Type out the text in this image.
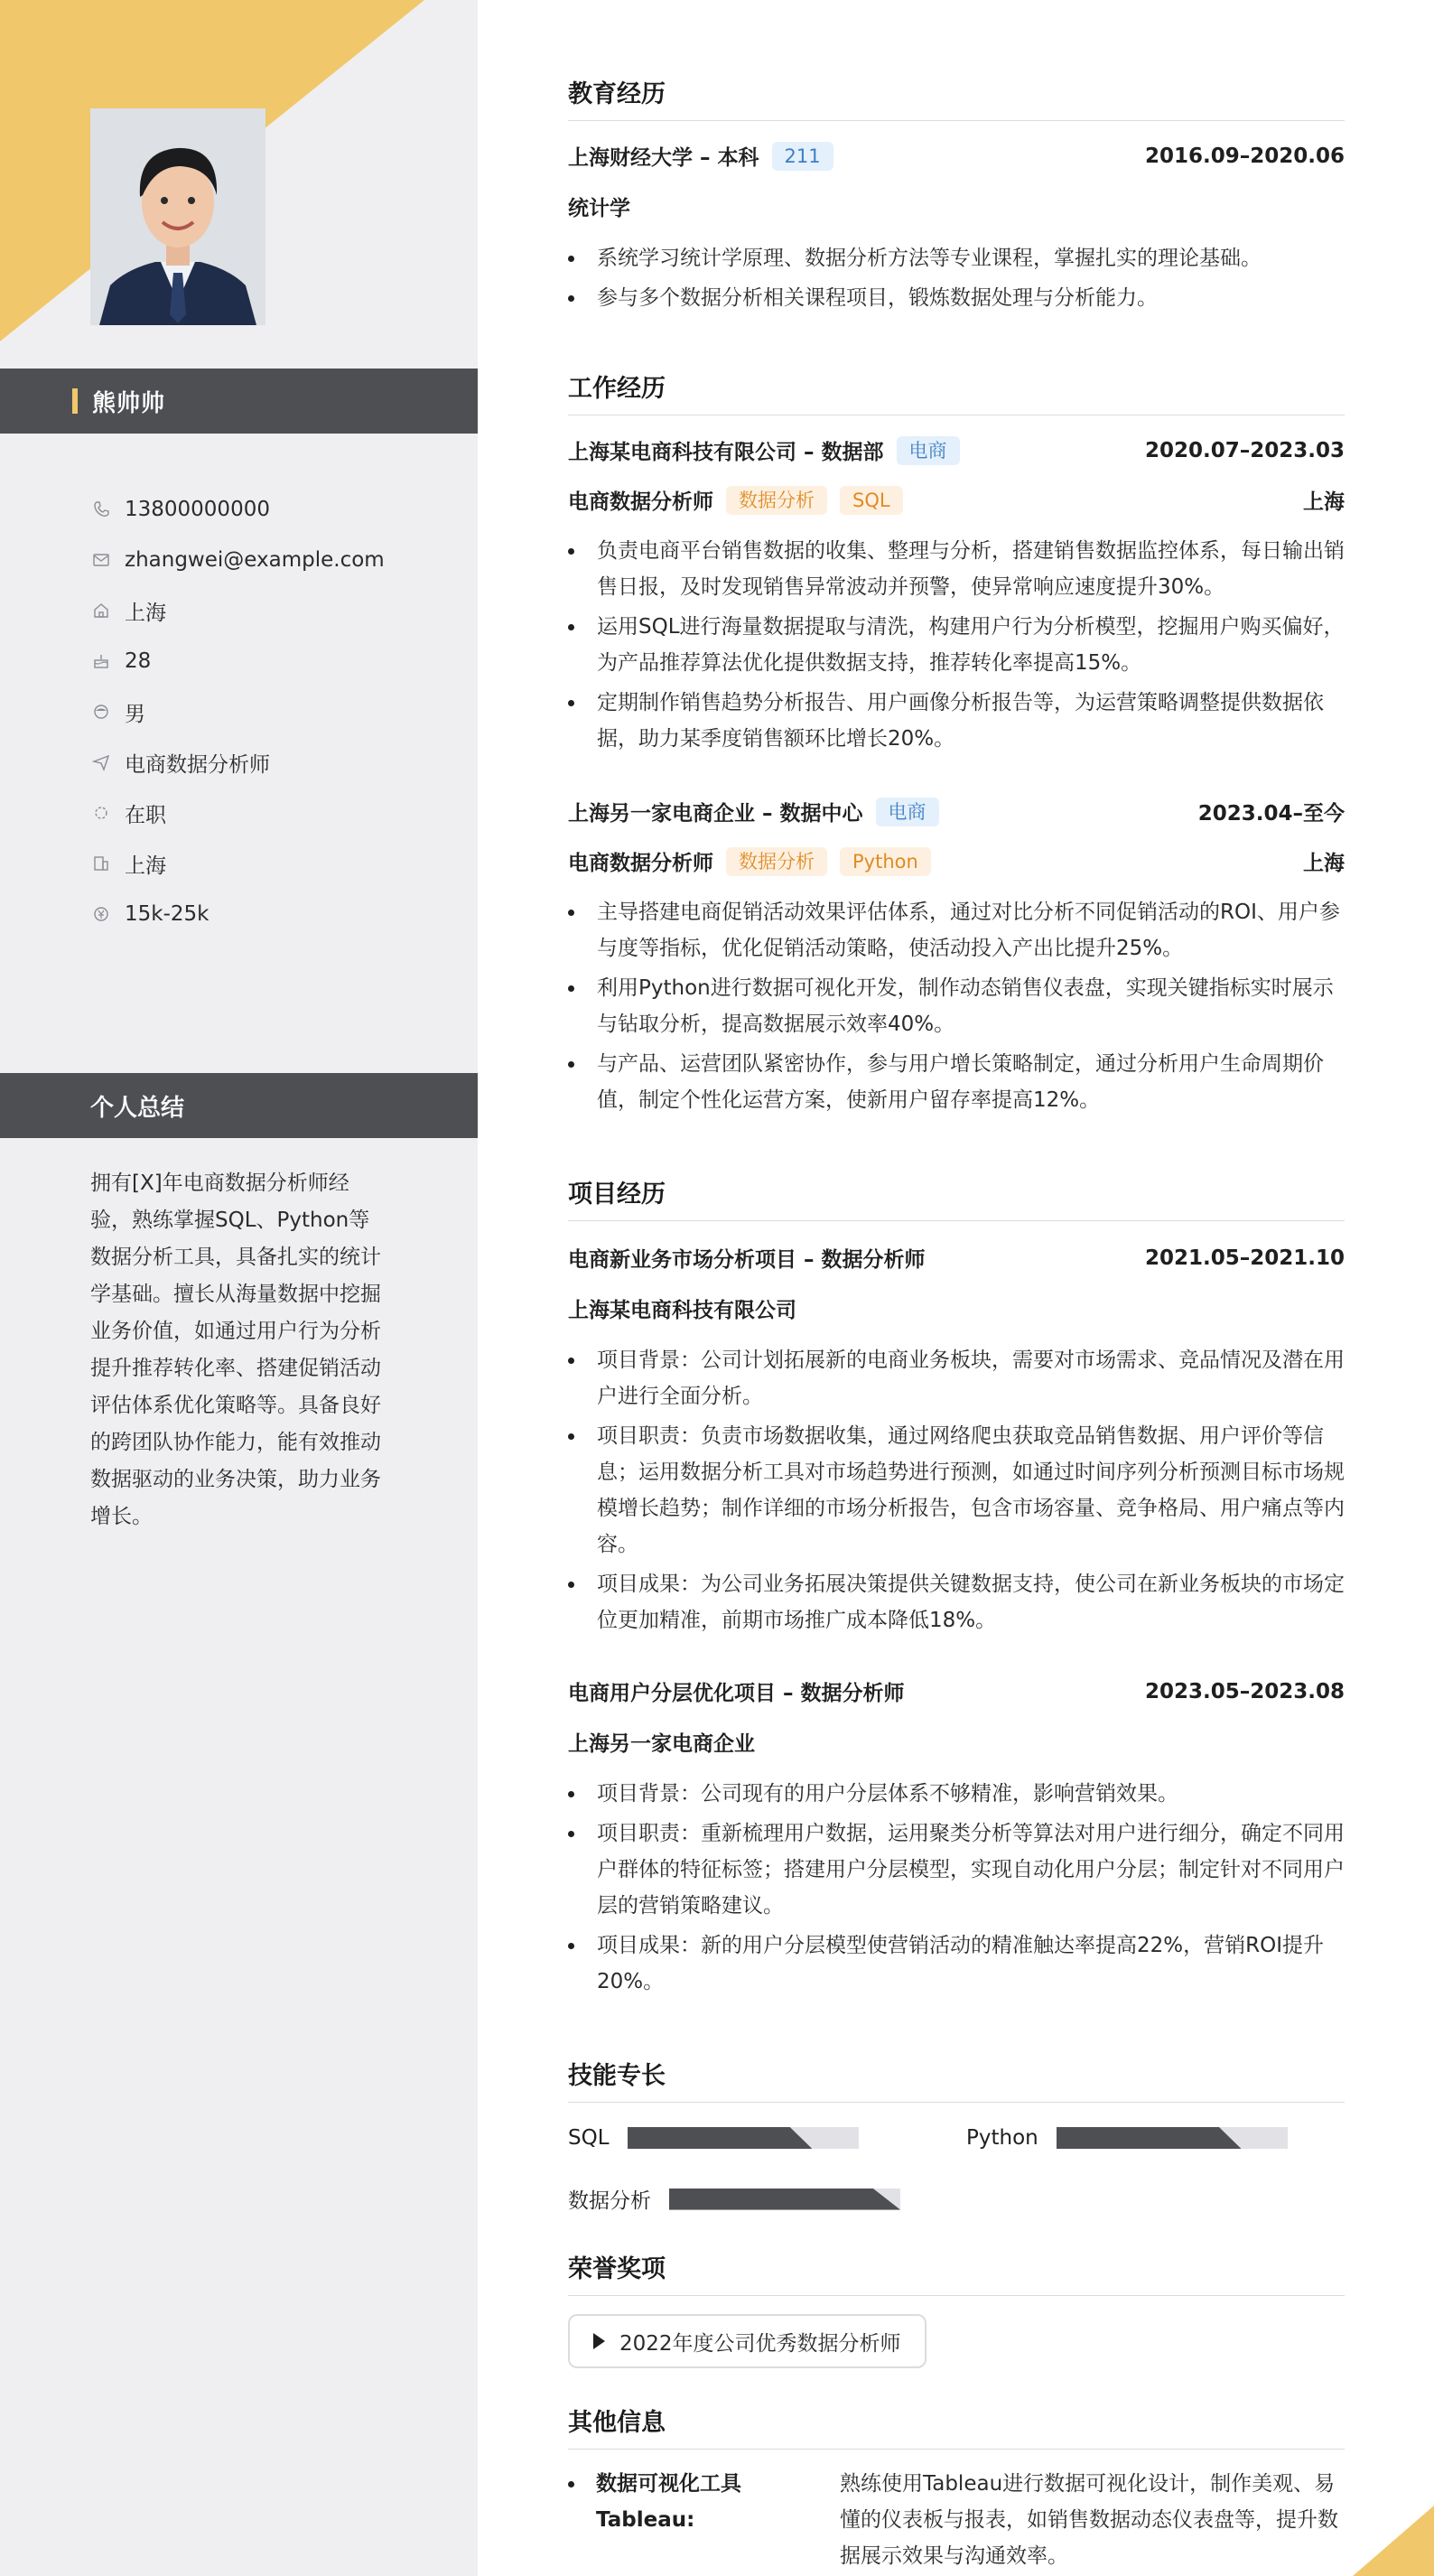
熊帅帅
13800000000
zhangwei@example.com
上海
28
男
电商数据分析师
在职
上海
15k-25k
个人总结

拥有[X]年电商数据分析师经验，熟练掌握SQL、Python等数据分析工具，具备扎实的统计学基础。擅长从海量数据中挖掘业务价值，如通过用户行为分析提升推荐转化率、搭建促销活动评估体系优化策略等。具备良好的跨团队协作能力，能有效推动数据驱动的业务决策，助力业务增长。

教育经历
上海财经大学 – 本科	211	2016.09–2020.06
统计学
系统学习统计学原理、数据分析方法等专业课程，掌握扎实的理论基础。
参与多个数据分析相关课程项目，锻炼数据处理与分析能力。
工作经历
上海某电商科技有限公司 – 数据部	电商	2020.07–2023.03
电商数据分析师	数据分析	SQL	上海
负责电商平台销售数据的收集、整理与分析，搭建销售数据监控体系，每日输出销售日报，及时发现销售异常波动并预警，使异常响应速度提升30%。
运用SQL进行海量数据提取与清洗，构建用户行为分析模型，挖掘用户购买偏好，为产品推荐算法优化提供数据支持，推荐转化率提高15%。
定期制作销售趋势分析报告、用户画像分析报告等，为运营策略调整提供数据依据，助力某季度销售额环比增长20%。
上海另一家电商企业 – 数据中心	电商	2023.04–至今
电商数据分析师	数据分析	Python	上海
主导搭建电商促销活动效果评估体系，通过对比分析不同促销活动的ROI、用户参与度等指标，优化促销活动策略，使活动投入产出比提升25%。
利用Python进行数据可视化开发，制作动态销售仪表盘，实现关键指标实时展示与钻取分析，提高数据展示效率40%。
与产品、运营团队紧密协作，参与用户增长策略制定，通过分析用户生命周期价值，制定个性化运营方案，使新用户留存率提高12%。
项目经历
电商新业务市场分析项目 – 数据分析师	2021.05–2021.10
上海某电商科技有限公司
项目背景：公司计划拓展新的电商业务板块，需要对市场需求、竞品情况及潜在用户进行全面分析。
项目职责：负责市场数据收集，通过网络爬虫获取竞品销售数据、用户评价等信息；运用数据分析工具对市场趋势进行预测，如通过时间序列分析预测目标市场规模增长趋势；制作详细的市场分析报告，包含市场容量、竞争格局、用户痛点等内容。
项目成果：为公司业务拓展决策提供关键数据支持，使公司在新业务板块的市场定位更加精准，前期市场推广成本降低18%。
电商用户分层优化项目 – 数据分析师	2023.05–2023.08
上海另一家电商企业
项目背景：公司现有的用户分层体系不够精准，影响营销效果。
项目职责：重新梳理用户数据，运用聚类分析等算法对用户进行细分，确定不同用户群体的特征标签；搭建用户分层模型，实现自动化用户分层；制定针对不同用户层的营销策略建议。
项目成果：新的用户分层模型使营销活动的精准触达率提高22%，营销ROI提升20%。
技能专长
SQL	Python
数据分析
荣誉奖项
2022年度公司优秀数据分析师
其他信息
数据可视化工具Tableau:
熟练使用Tableau进行数据可视化设计，制作美观、易懂的仪表板与报表，如销售数据动态仪表盘等，提升数据展示效果与沟通效率。
